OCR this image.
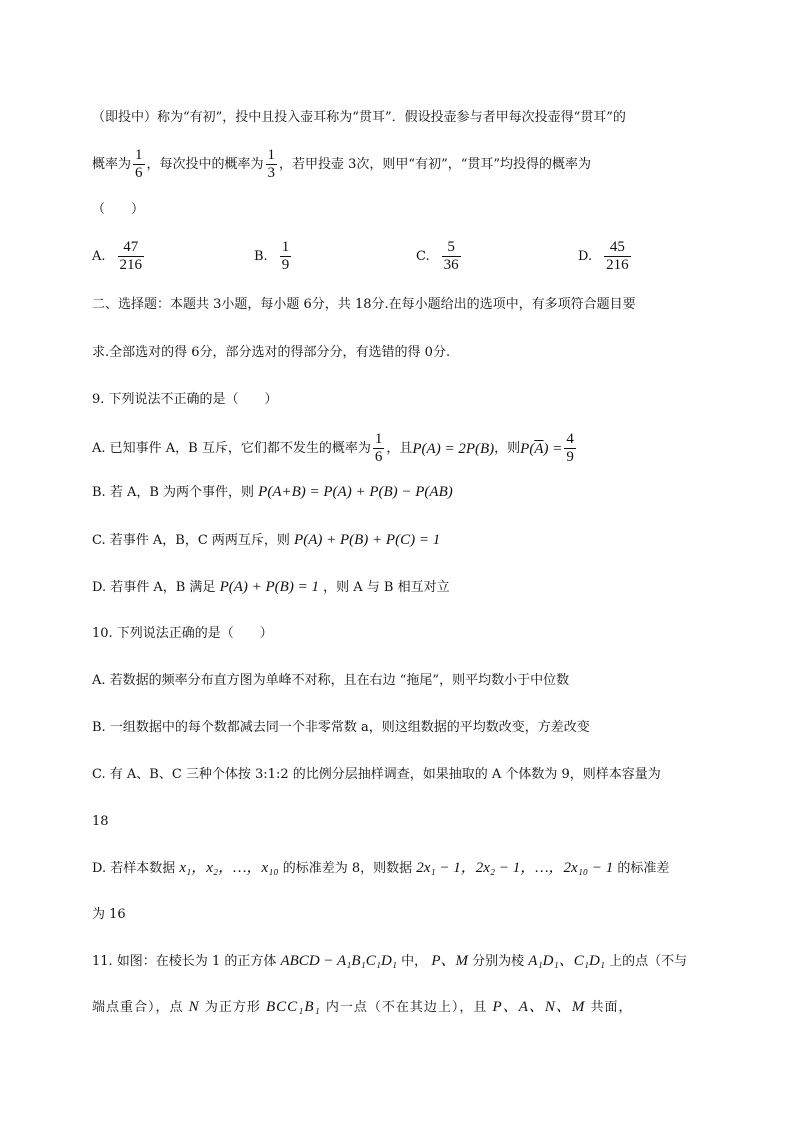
（即投中）称为“有初”，投中且投入壶耳称为“贯耳”．假设投壶参与者甲每次投壶得“贯耳”的
概率为 $\frac{1}{6}$ ，每次投中的概率为 $\frac{1}{3}$ ，若甲投壶 3次，则甲“有初”，“贯耳”均投得的概率为
（　　）
A. $\frac{47}{216}$	B. $\frac{1}{9}$	C. $\frac{5}{36}$	D. $\frac{45}{216}$
二、选择题：本题共 3小题，每小题 6分，共 18分.在每小题给出的选项中，有多项符合题目要
求.全部选对的得 6分，部分选对的得部分分，有选错的得 0分.
9. 下列说法不正确的是（　　）
A. 已知事件 A，B 互斥，它们都不发生的概率为 $\frac{1}{6}$ ，且 P(A) = 2P(B) ，则 $P(\overline{A}) = \frac{4}{9}$
B. 若 A，B 为两个事件，则 P(A+B) = P(A) + P(B) − P(AB)
C. 若事件 A，B，C 两两互斥，则 P(A) + P(B) + P(C) = 1
D. 若事件 A，B 满足 P(A) + P(B) = 1 ，则 A 与 B 相互对立
10. 下列说法正确的是（　　）
A. 若数据的频率分布直方图为单峰不对称，且在右边 “拖尾”，则平均数小于中位数
B. 一组数据中的每个数都减去同一个非零常数 a，则这组数据的平均数改变，方差改变
C. 有 A、B、C 三种个体按 3:1:2 的比例分层抽样调查，如果抽取的 A 个体数为 9，则样本容量为
18
D. 若样本数据 x₁，x₂，…，x₁₀ 的标准差为 8，则数据 2x₁ − 1，2x₂ − 1，…，2x₁₀ − 1 的标准差
为 16
11. 如图：在棱长为 1 的正方体 ABCD − A₁B₁C₁D₁ 中， P、M 分别为棱 A₁D₁、C₁D₁ 上的点（不与
端点重合），点 N 为正方形 BCC₁B₁ 内一点（不在其边上），且 P、A、N、M 共面，
